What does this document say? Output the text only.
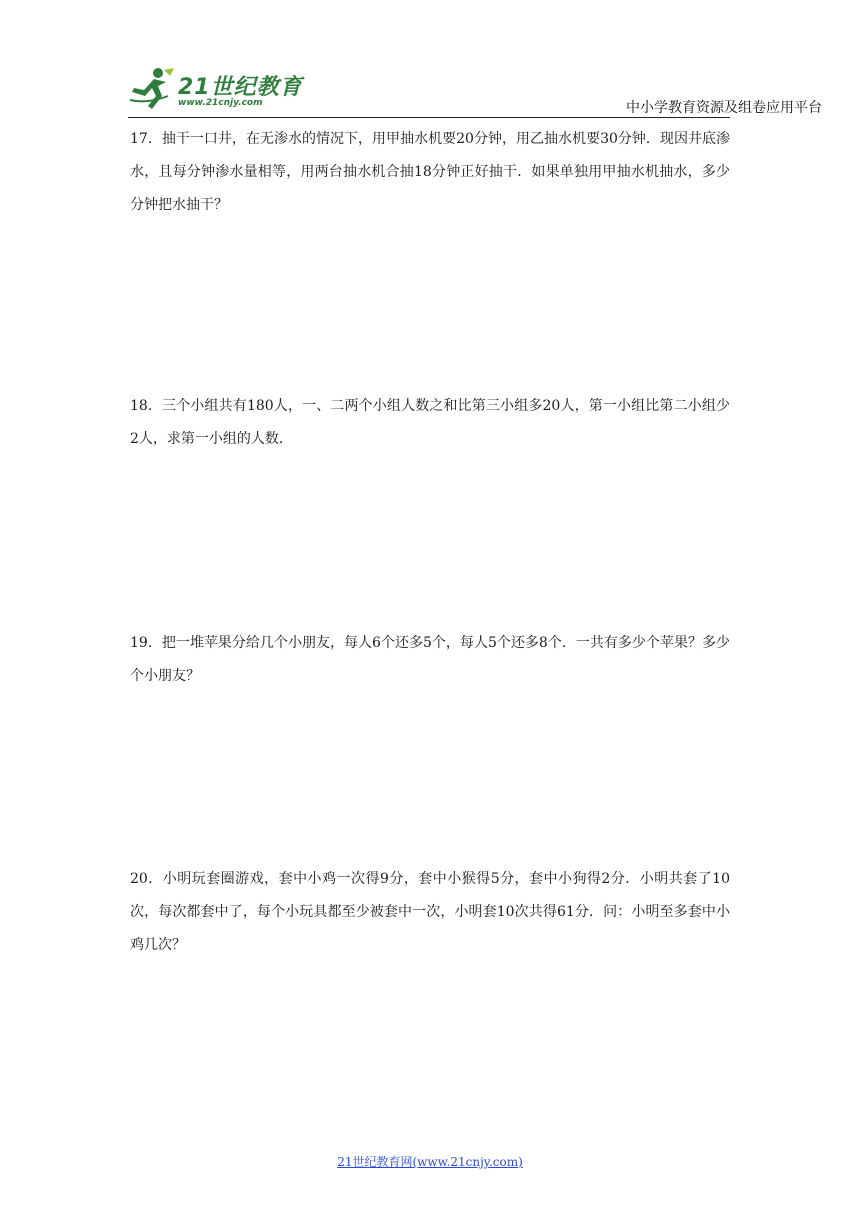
21世纪教育
www.21cnjy.com	中小学教育资源及组卷应用平台
17．抽干一口井，在无渗水的情况下，用甲抽水机要20分钟，用乙抽水机要30分钟．现因井底渗水，且每分钟渗水量相等，用两台抽水机合抽18分钟正好抽干．如果单独用甲抽水机抽水，多少分钟把水抽干？
18．三个小组共有180人，一、二两个小组人数之和比第三小组多20人，第一小组比第二小组少2人，求第一小组的人数．
19．把一堆苹果分给几个小朋友，每人6个还多5个，每人5个还多8个．一共有多少个苹果？多少个小朋友？
20．小明玩套圈游戏，套中小鸡一次得9分，套中小猴得5分，套中小狗得2分．小明共套了10次，每次都套中了，每个小玩具都至少被套中一次，小明套10次共得61分．问：小明至多套中小鸡几次？
21世纪教育网(www.21cnjy.com)
